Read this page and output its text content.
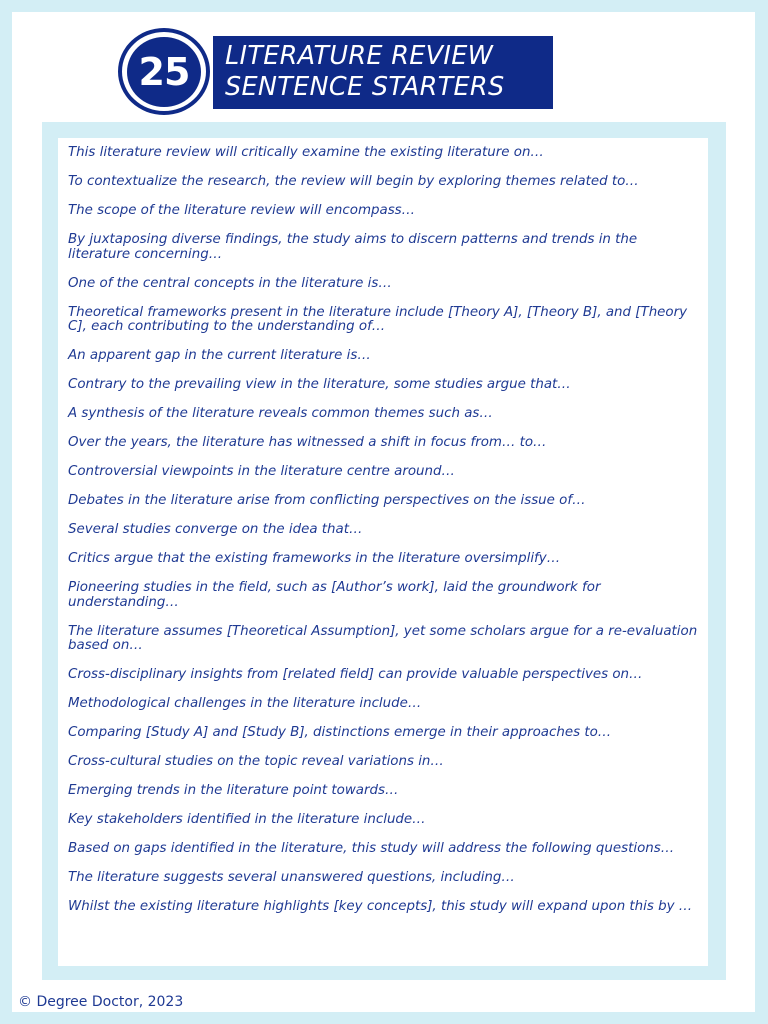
25	LITERATURE REVIEW
SENTENCE STARTERS
This literature review will critically examine the existing literature on…
To contextualize the research, the review will begin by exploring themes related to…
The scope of the literature review will encompass…
By juxtaposing diverse findings, the study aims to discern patterns and trends in the literature concerning…
One of the central concepts in the literature is…
Theoretical frameworks present in the literature include [Theory A], [Theory B], and [Theory C], each contributing to the understanding of…
An apparent gap in the current literature is…
Contrary to the prevailing view in the literature, some studies argue that…
A synthesis of the literature reveals common themes such as…
Over the years, the literature has witnessed a shift in focus from… to…
Controversial viewpoints in the literature centre around…
Debates in the literature arise from conflicting perspectives on the issue of…
Several studies converge on the idea that…
Critics argue that the existing frameworks in the literature oversimplify…
Pioneering studies in the field, such as [Author’s work], laid the groundwork for understanding…
The literature assumes [Theoretical Assumption], yet some scholars argue for a re-evaluation based on…
Cross-disciplinary insights from [related field] can provide valuable perspectives on…
Methodological challenges in the literature include…
Comparing [Study A] and [Study B], distinctions emerge in their approaches to…
Cross-cultural studies on the topic reveal variations in…
Emerging trends in the literature point towards…
Key stakeholders identified in the literature include…
Based on gaps identified in the literature, this study will address the following questions…
The literature suggests several unanswered questions, including…
Whilst the existing literature highlights [key concepts], this study will expand upon this by …
© Degree Doctor, 2023
